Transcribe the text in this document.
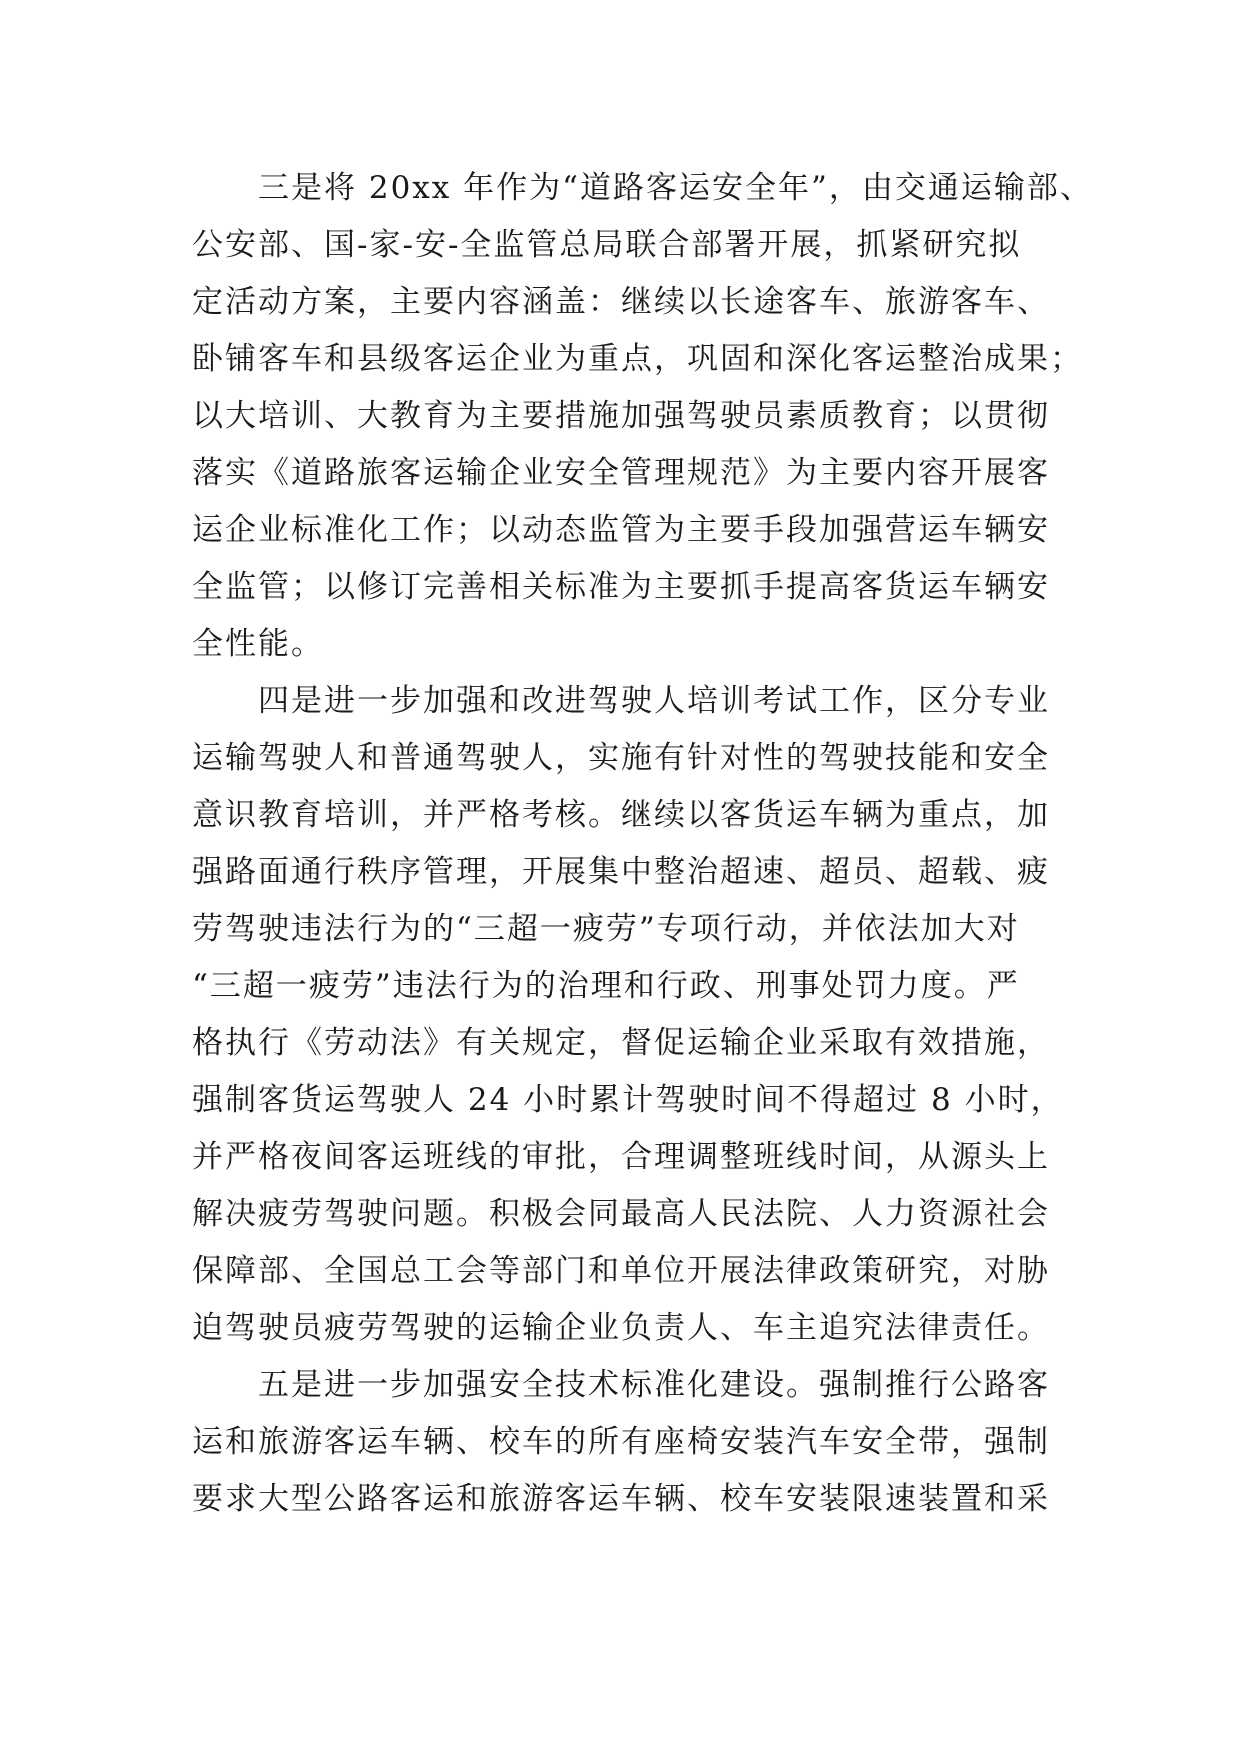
三是将 20xx 年作为“道路客运安全年”，由交通运输部、

公安部、国-家-安-全监管总局联合部署开展，抓紧研究拟

定活动方案，主要内容涵盖：继续以长途客车、旅游客车、

卧铺客车和县级客运企业为重点，巩固和深化客运整治成果；

以大培训、大教育为主要措施加强驾驶员素质教育；以贯彻

落实《道路旅客运输企业安全管理规范》为主要内容开展客

运企业标准化工作；以动态监管为主要手段加强营运车辆安

全监管；以修订完善相关标准为主要抓手提高客货运车辆安

全性能。

四是进一步加强和改进驾驶人培训考试工作，区分专业

运输驾驶人和普通驾驶人，实施有针对性的驾驶技能和安全

意识教育培训，并严格考核。继续以客货运车辆为重点，加

强路面通行秩序管理，开展集中整治超速、超员、超载、疲

劳驾驶违法行为的“三超一疲劳”专项行动，并依法加大对

“三超一疲劳”违法行为的治理和行政、刑事处罚力度。严

格执行《劳动法》有关规定，督促运输企业采取有效措施，

强制客货运驾驶人 24 小时累计驾驶时间不得超过 8 小时，

并严格夜间客运班线的审批，合理调整班线时间，从源头上

解决疲劳驾驶问题。积极会同最高人民法院、人力资源社会

保障部、全国总工会等部门和单位开展法律政策研究，对胁

迫驾驶员疲劳驾驶的运输企业负责人、车主追究法律责任。

五是进一步加强安全技术标准化建设。强制推行公路客

运和旅游客运车辆、校车的所有座椅安装汽车安全带，强制

要求大型公路客运和旅游客运车辆、校车安装限速装置和采
